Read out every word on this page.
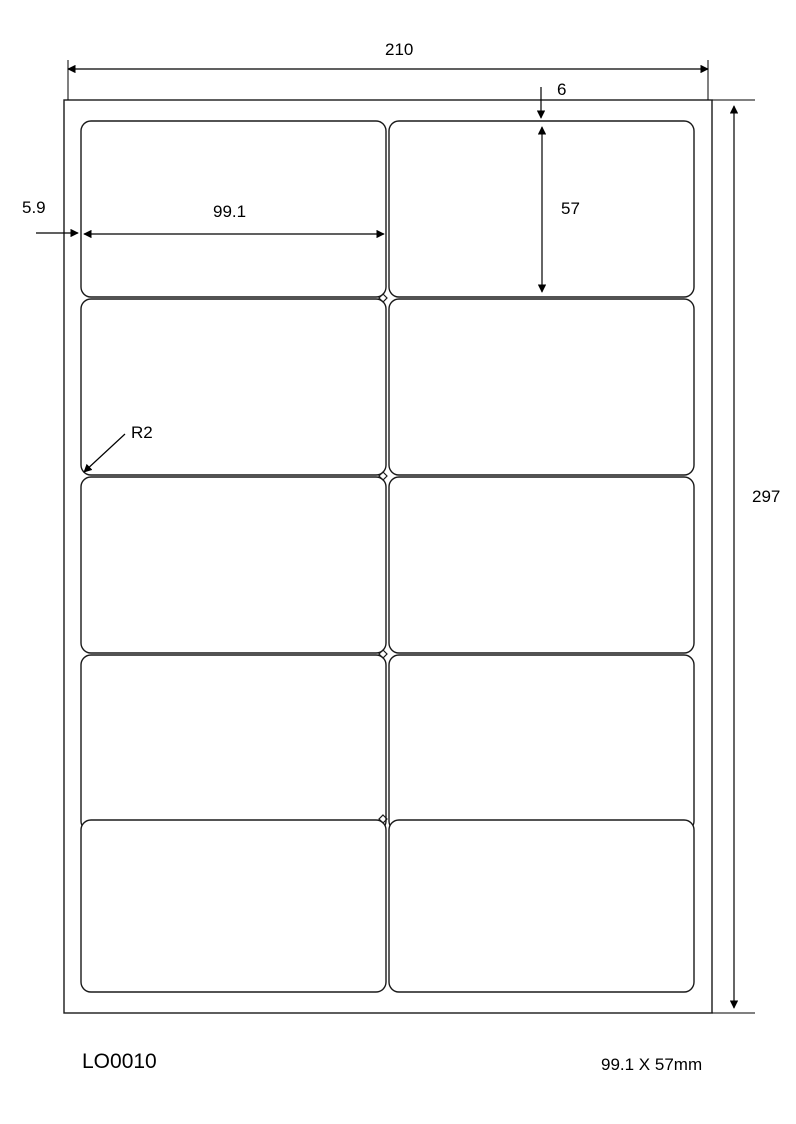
210
297
6
5.9	99.1	57
R2
LO0010	99.1 X 57mm
